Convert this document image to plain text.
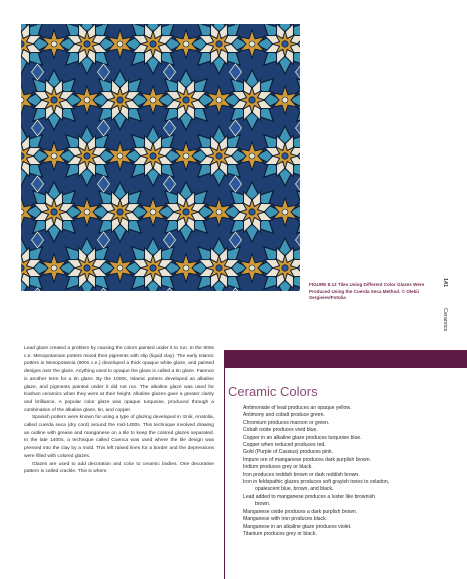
FIGURE 8.13 Tiles Using Different Color Glazes Were Produced Using the Cuerda Seca Method. © Olekii Sergieiev/Fotolia
141
Ceramics

Lead glaze created a problem by causing the colors painted under it to run. In the 900s c.e. Mesopotamian potters mixed their pigments with slip (liquid clay). The early Islamic potters in Mesopotamia (900s c.e.) developed a thick opaque white glaze, and painted designs over the glaze. Anything used to opaque the glaze is called a tin glaze. Faience is another term for a tin glaze. By the 1000s, Islamic potters developed an alkaline glaze, and pigments painted under it did not run. The alkaline glaze was used for Kashan ceramics when they were at their height. Alkaline glazes gave a greater clarity and brilliance. A popular color glaze was opaque turquoise, produced through a combination of the alkaline glaze, tin, and copper.

Spanish potters were known for using a type of glazing developed in Iznik, Anatolia, called cuerda seca (dry cord) around the mid-1400s. This technique involved drawing an outline with grease and manganese on a tile to keep the colored glazes separated. In the late 1400s, a technique called Cuenca was used where the tile design was pressed into the clay by a mold. This left raised lines for a border and the depressions were filled with colored glazes.

Glazes are used to add decoration and color to ceramic bodies. One decorative pattern is called crackle. This is where

Ceramic Colors
Antimoniate of lead produces an opaque yellow.
Antimony and cobalt produce green.
Chromium produces maroon or green.
Cobalt oxide produces vivid blue.
Copper in an alkaline glaze produces turquoise blue.
Copper when reduced produces red.
Gold (Purple of Cassius) produces pink.
Impure ore of manganese produces dark purplish brown.
Iridium produces grey or black.
Iron produces reddish brown or dark reddish brown.
Iron in feldspathic glazes produces soft grayish tones to celadon,
opalescent blue, brown, and black.
Lead added to manganese produces a luster like brownish
brown.
Manganese oxide produces a dark purplish brown.
Manganese with iron produces black.
Manganese in an alkaline glaze produces violet.
Titanium produces grey or black.
